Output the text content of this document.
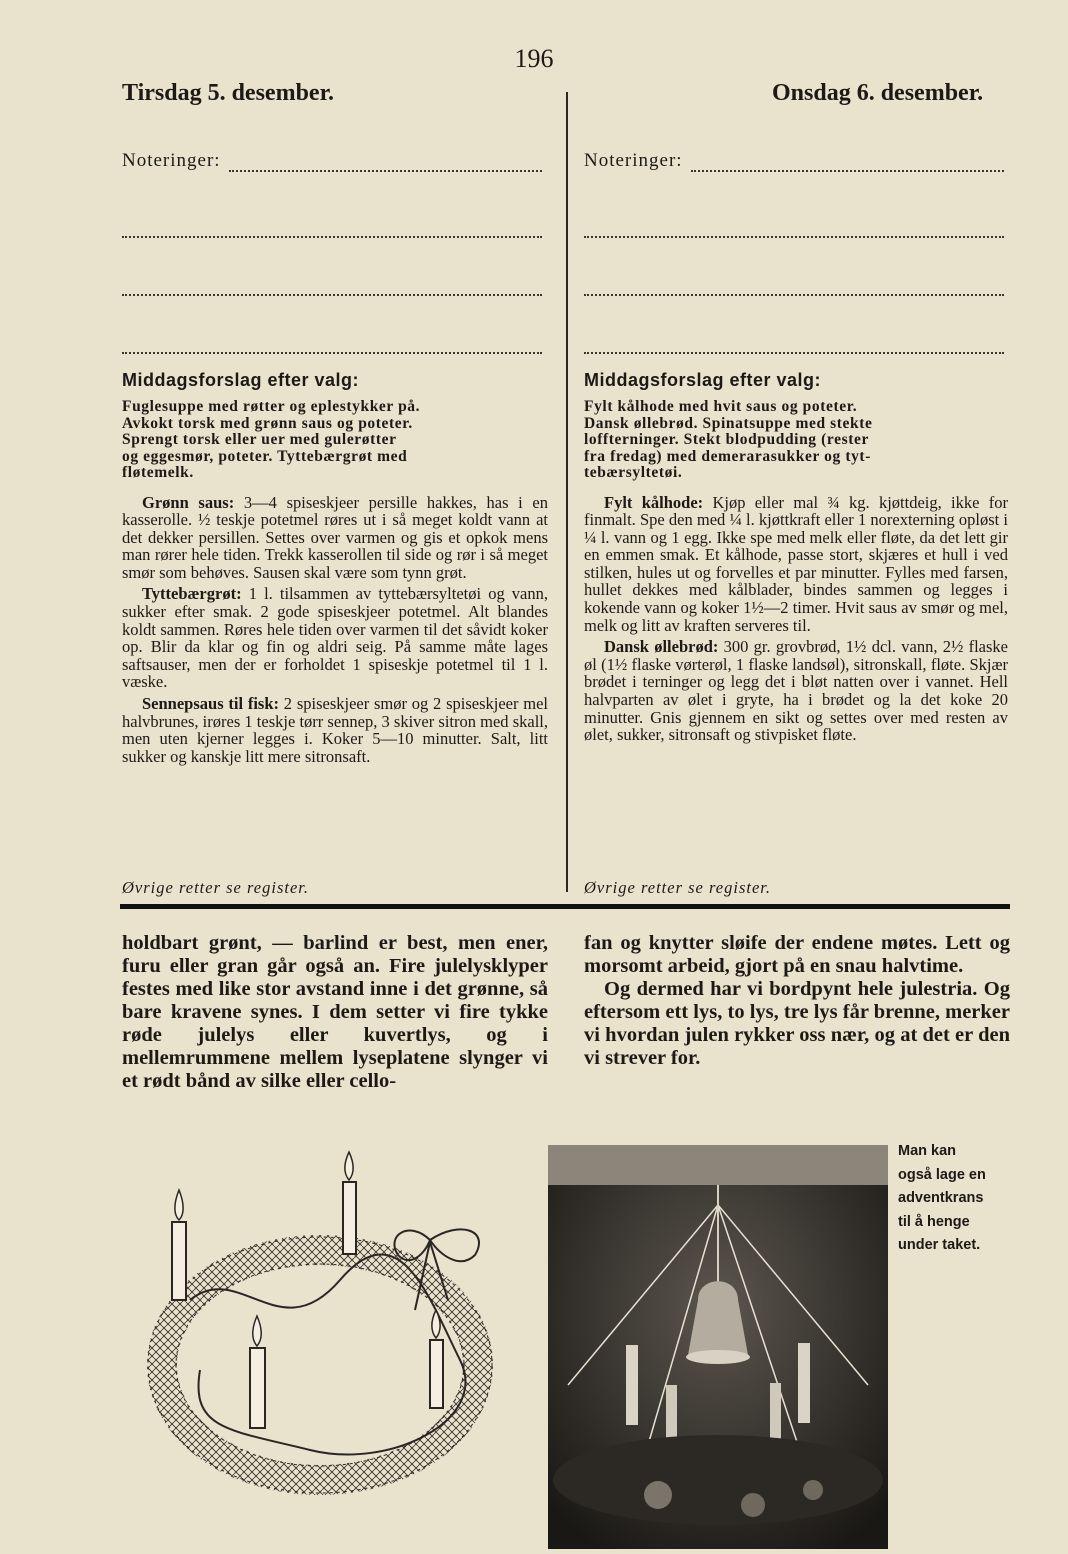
196
Tirsdag 5. desember.	Onsdag 6. desember.
Noteringer:	Noteringer:
Middagsforslag efter valg:
Fuglesuppe med røtter og eplestykker på.
Avkokt torsk med grønn saus og poteter.
Sprengt torsk eller uer med gulerøtter
og eggesmør, poteter. Tyttebærgrøt med
fløtemelk.

Grønn saus: 3—4 spiseskjeer persille hakkes, has i en kasserolle. ½ teskje potetmel røres ut i så meget koldt vann at det dekker persillen. Settes over varmen og gis et opkok mens man rører hele tiden. Trekk kasserollen til side og rør i så meget smør som behøves. Sausen skal være som tynn grøt.

Tyttebærgrøt: 1 l. tilsammen av tyttebærsyltetøi og vann, sukker efter smak. 2 gode spiseskjeer potetmel. Alt blandes koldt sammen. Røres hele tiden over varmen til det såvidt koker op. Blir da klar og fin og aldri seig. På samme måte lages saftsauser, men der er forholdet 1 spiseskje potetmel til 1 l. væske.

Sennepsaus til fisk: 2 spiseskjeer smør og 2 spiseskjeer mel halvbrunes, irøres 1 teskje tørr sennep, 3 skiver sitron med skall, men uten kjerner legges i. Koker 5—10 minutter. Salt, litt sukker og kanskje litt mere sitronsaft.

Øvrige retter se register.
Middagsforslag efter valg:
Fylt kålhode med hvit saus og poteter.
Dansk øllebrød. Spinatsuppe med stekte
loffterninger. Stekt blodpudding (rester
fra fredag) med demerarasukker og tyt-
tebærsyltetøi.

Fylt kålhode: Kjøp eller mal ¾ kg. kjøttdeig, ikke for finmalt. Spe den med ¼ l. kjøttkraft eller 1 norexterning opløst i ¼ l. vann og 1 egg. Ikke spe med melk eller fløte, da det lett gir en emmen smak. Et kålhode, passe stort, skjæres et hull i ved stilken, hules ut og forvelles et par minutter. Fylles med farsen, hullet dekkes med kålblader, bindes sammen og legges i kokende vann og koker 1½—2 timer. Hvit saus av smør og mel, melk og litt av kraften serveres til.

Dansk øllebrød: 300 gr. grovbrød, 1½ dcl. vann, 2½ flaske øl (1½ flaske vørterøl, 1 flaske landsøl), sitronskall, fløte. Skjær brødet i terninger og legg det i bløt natten over i vannet. Hell halvparten av ølet i gryte, ha i brødet og la det koke 20 minutter. Gnis gjennem en sikt og settes over med resten av ølet, sukker, sitronsaft og stivpisket fløte.

Øvrige retter se register.

holdbart grønt, — barlind er best, men ener, furu eller gran går også an. Fire julelysklyper festes med like stor avstand inne i det grønne, så bare kravene synes. I dem setter vi fire tykke røde julelys eller kuvertlys, og i mellemrummene mellem lyseplatene slynger vi et rødt bånd av silke eller cello-

fan og knytter sløife der endene møtes. Lett og morsomt arbeid, gjort på en snau halvtime.

Og dermed har vi bordpynt hele julestria. Og eftersom ett lys, to lys, tre lys får brenne, merker vi hvordan julen rykker oss nær, og at det er den vi strever for.

Man kan
også lage en
adventkrans
til å henge
under taket.
